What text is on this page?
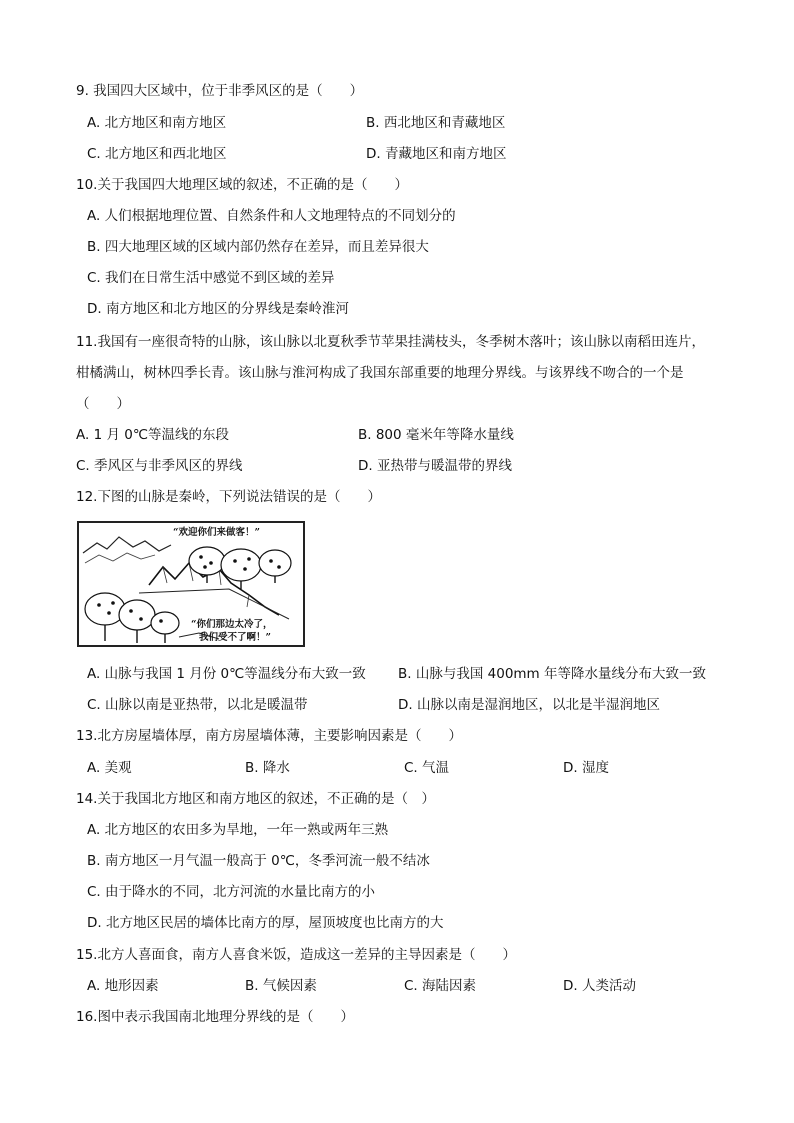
9. 我国四大区域中，位于非季风区的是（　　）
A. 北方地区和南方地区	B. 西北地区和青藏地区
C. 北方地区和西北地区	D. 青藏地区和南方地区
10.关于我国四大地理区域的叙述，不正确的是（　　）
A. 人们根据地理位置、自然条件和人文地理特点的不同划分的
B. 四大地理区域的区域内部仍然存在差异，而且差异很大
C. 我们在日常生活中感觉不到区域的差异
D. 南方地区和北方地区的分界线是秦岭淮河
11.我国有一座很奇特的山脉，该山脉以北夏秋季节苹果挂满枝头，冬季树木落叶；该山脉以南稻田连片，
柑橘满山，树林四季长青。该山脉与淮河构成了我国东部重要的地理分界线。与该界线不吻合的一个是
（　　）
A. 1 月 0℃等温线的东段	B. 800 毫米年等降水量线
C. 季风区与非季风区的界线	D. 亚热带与暖温带的界线
12.下图的山脉是秦岭，下列说法错误的是（　　）
“欢迎你们来做客！”
“你们那边太冷了，
我们受不了啊！”
A. 山脉与我国 1 月份 0℃等温线分布大致一致 B. 山脉与我国 400mm 年等降水量线分布大致一致
C. 山脉以南是亚热带，以北是暖温带	D. 山脉以南是湿润地区，以北是半湿润地区
13.北方房屋墙体厚，南方房屋墙体薄，主要影响因素是（　　）
A. 美观	B. 降水	C. 气温	D. 湿度
14.关于我国北方地区和南方地区的叙述，不正确的是（　）
A. 北方地区的农田多为旱地，一年一熟或两年三熟
B. 南方地区一月气温一般高于 0℃，冬季河流一般不结冰
C. 由于降水的不同，北方河流的水量比南方的小
D. 北方地区民居的墙体比南方的厚，屋顶坡度也比南方的大
15.北方人喜面食，南方人喜食米饭，造成这一差异的主导因素是（　　）
A. 地形因素	B. 气候因素	C. 海陆因素	D. 人类活动
16.图中表示我国南北地理分界线的是（　　）
